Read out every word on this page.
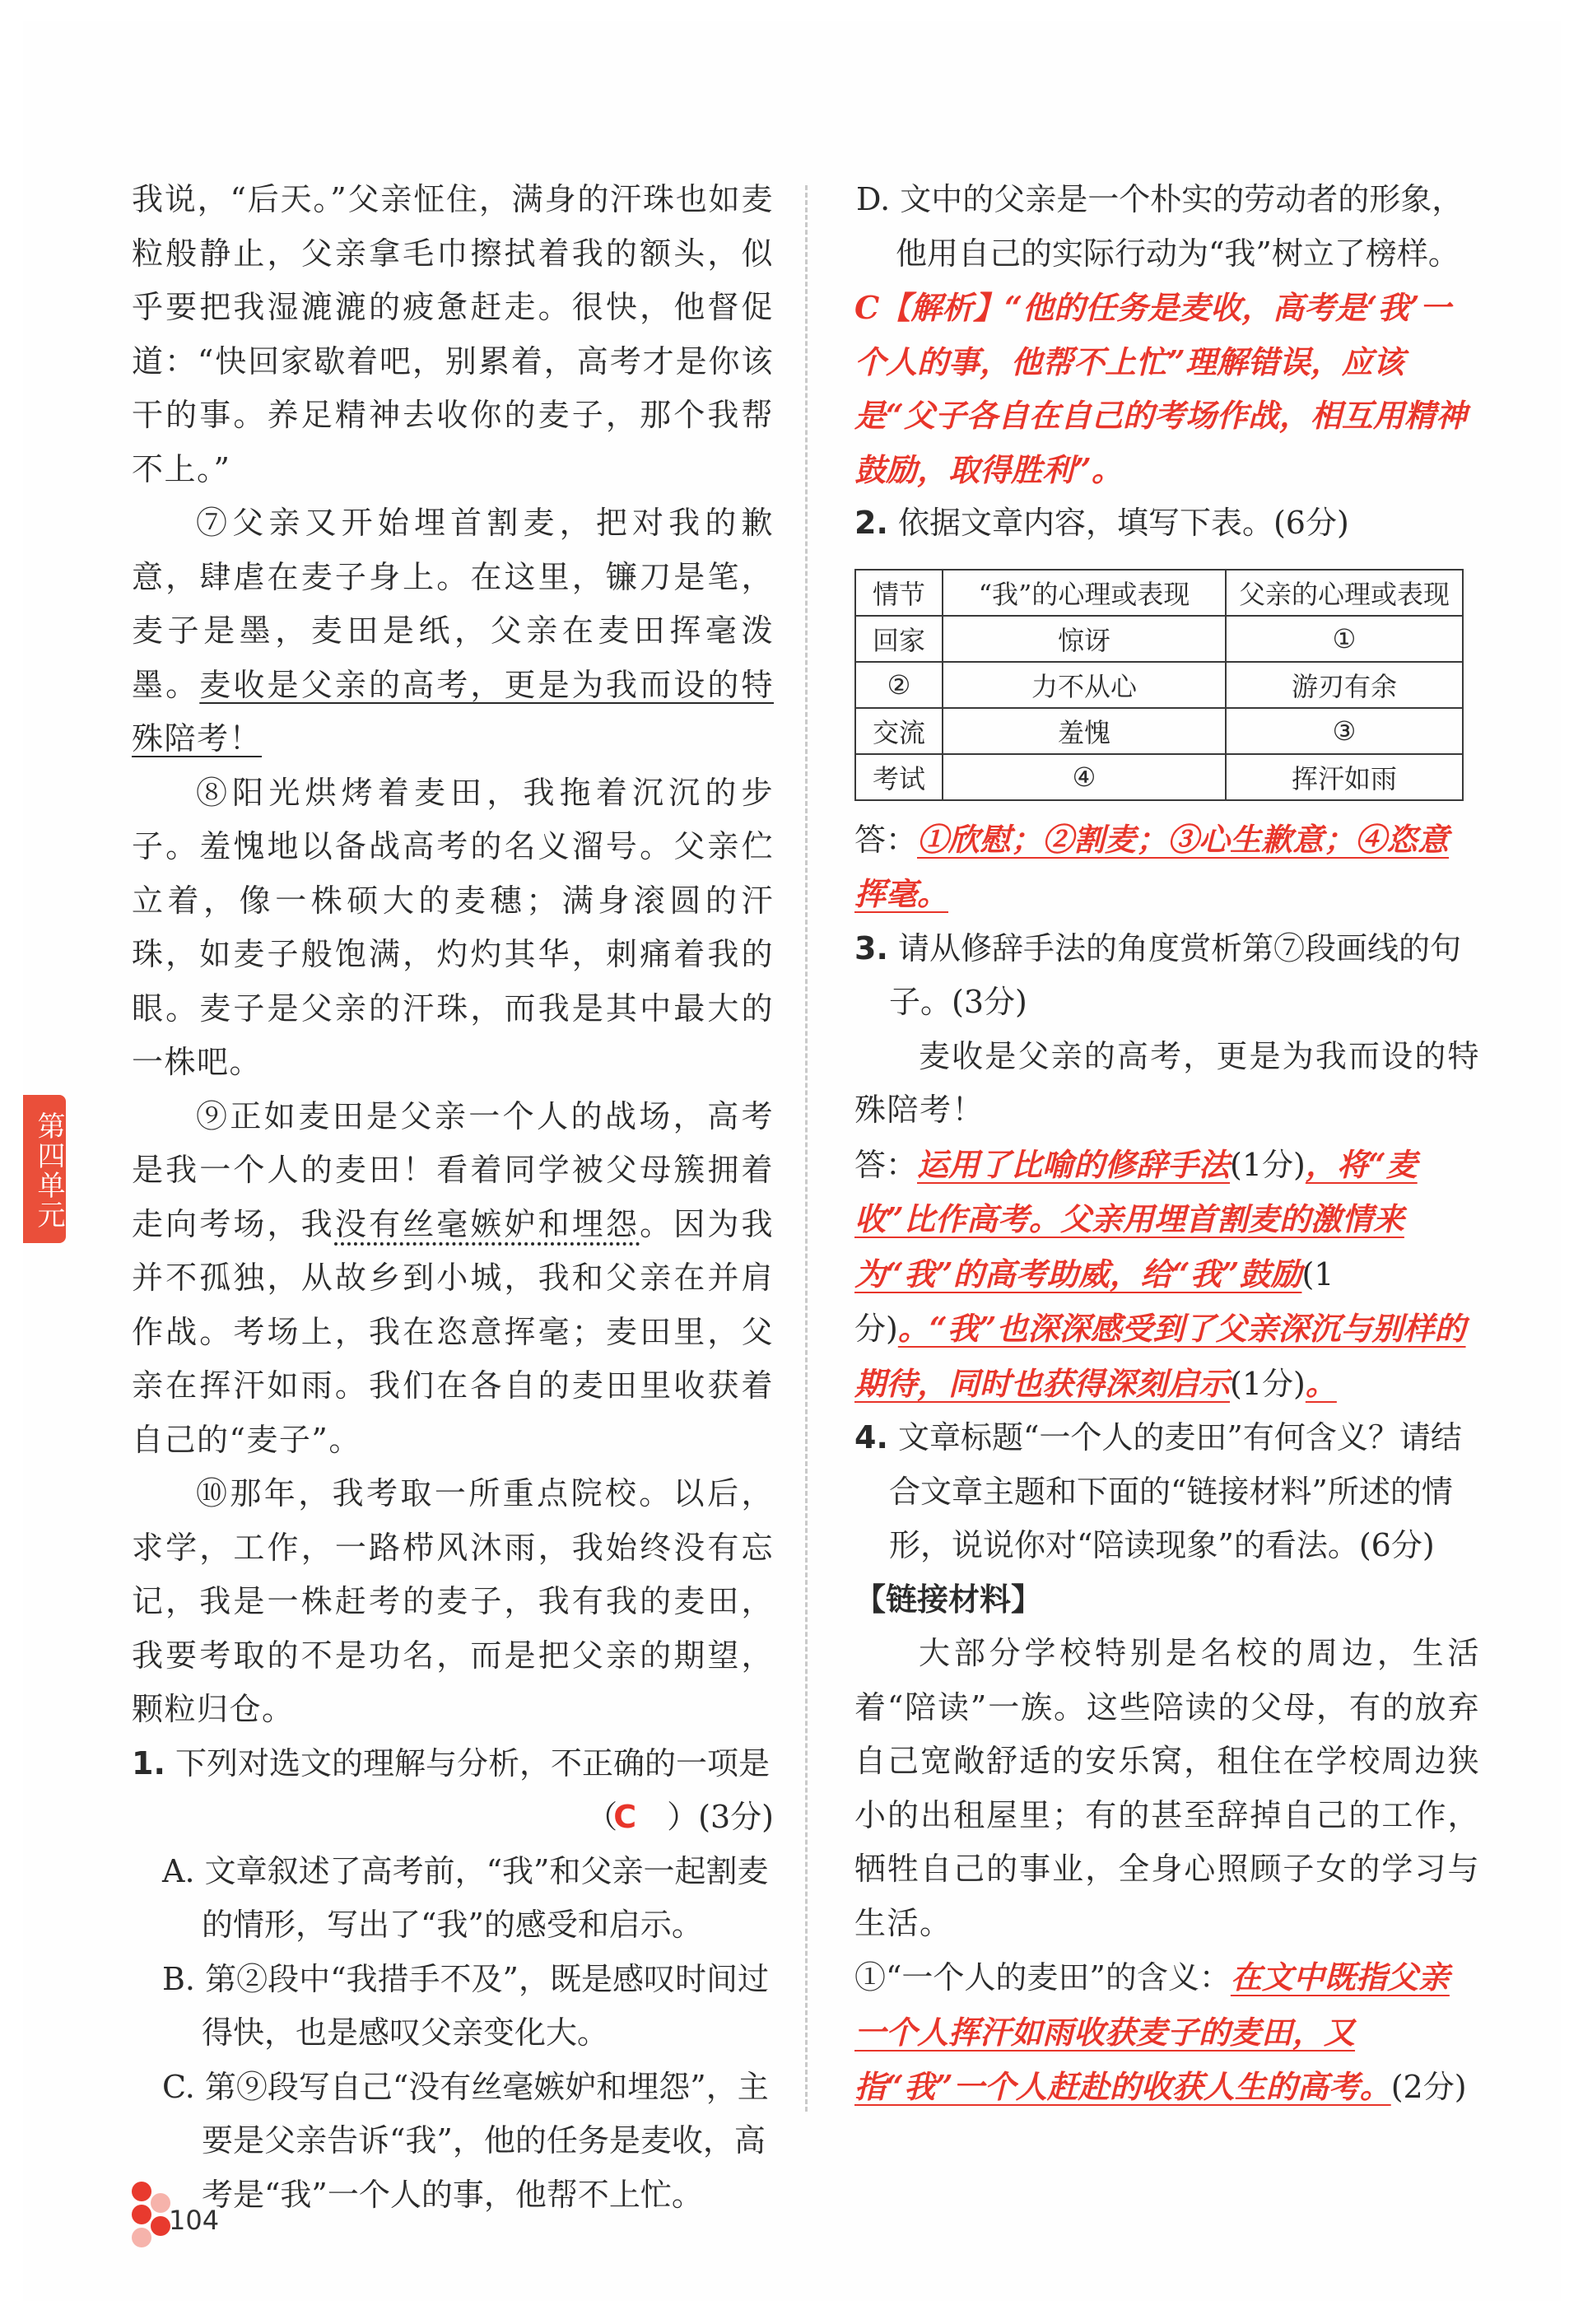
我说，“后天。”父亲怔住，满身的汗珠也如麦粒般静止，父亲拿毛巾擦拭着我的额头，似乎要把我湿漉漉的疲惫赶走。很快，他督促道：“快回家歇着吧，别累着，高考才是你该干的事。养足精神去收你的麦子，那个我帮不上。”

⑦父亲又开始埋首割麦，把对我的歉意，肆虐在麦子身上。在这里，镰刀是笔，麦子是墨，麦田是纸，父亲在麦田挥毫泼墨。麦收是父亲的高考，更是为我而设的特殊陪考！

⑧阳光烘烤着麦田，我拖着沉沉的步子。羞愧地以备战高考的名义溜号。父亲伫立着，像一株硕大的麦穗；满身滚圆的汗珠，如麦子般饱满，灼灼其华，刺痛着我的眼。麦子是父亲的汗珠，而我是其中最大的一株吧。

⑨正如麦田是父亲一个人的战场，高考是我一个人的麦田！看着同学被父母簇拥着走向考场，我没有丝毫嫉妒和埋怨。因为我并不孤独，从故乡到小城，我和父亲在并肩作战。考场上，我在恣意挥毫；麦田里，父亲在挥汗如雨。我们在各自的麦田里收获着自己的“麦子”。

⑩那年，我考取一所重点院校。以后，求学，工作，一路栉风沐雨，我始终没有忘记，我是一株赶考的麦子，我有我的麦田，我要考取的不是功名，而是把父亲的期望，颗粒归仓。

1. 下列对选文的理解与分析，不正确的一项是
（C ）(3分)

A. 文章叙述了高考前，“我”和父亲一起割麦的情形，写出了“我”的感受和启示。

B. 第②段中“我措手不及”，既是感叹时间过得快，也是感叹父亲变化大。

C. 第⑨段写自己“没有丝毫嫉妒和埋怨”，主要是父亲告诉“我”，他的任务是麦收，高考是“我”一个人的事，他帮不上忙。

D. 文中的父亲是一个朴实的劳动者的形象，他用自己的实际行动为“我”树立了榜样。

C【解析】“他的任务是麦收，高考是‘我’一个人的事，他帮不上忙”理解错误，应该是“父子各自在自己的考场作战，相互用精神鼓励，取得胜利”。

2. 依据文章内容，填写下表。(6分)
情节	“我”的心理或表现	父亲的心理或表现
回家	惊讶	①
②	力不从心	游刃有余
交流	羞愧	③
考试	④	挥汗如雨

答：①欣慰；②割麦；③心生歉意；④恣意挥毫。

3. 请从修辞手法的角度赏析第⑦段画线的句子。(3分)

麦收是父亲的高考，更是为我而设的特殊陪考！

答：运用了比喻的修辞手法(1分)，将“麦收”比作高考。父亲用埋首割麦的激情来为“我”的高考助威，给“我”鼓励(1分)。“我”也深深感受到了父亲深沉与别样的期待，同时也获得深刻启示(1分)。

4. 文章标题“一个人的麦田”有何含义？请结合文章主题和下面的“链接材料”所述的情形，说说你对“陪读现象”的看法。(6分)

【链接材料】

大部分学校特别是名校的周边，生活着“陪读”一族。这些陪读的父母，有的放弃自己宽敞舒适的安乐窝，租住在学校周边狭小的出租屋里；有的甚至辞掉自己的工作，牺牲自己的事业，全身心照顾子女的学习与生活。

①“一个人的麦田”的含义：在文中既指父亲一个人挥汗如雨收获麦子的麦田，又指“我”一个人赶赴的收获人生的高考。(2分)

第四单元
104
